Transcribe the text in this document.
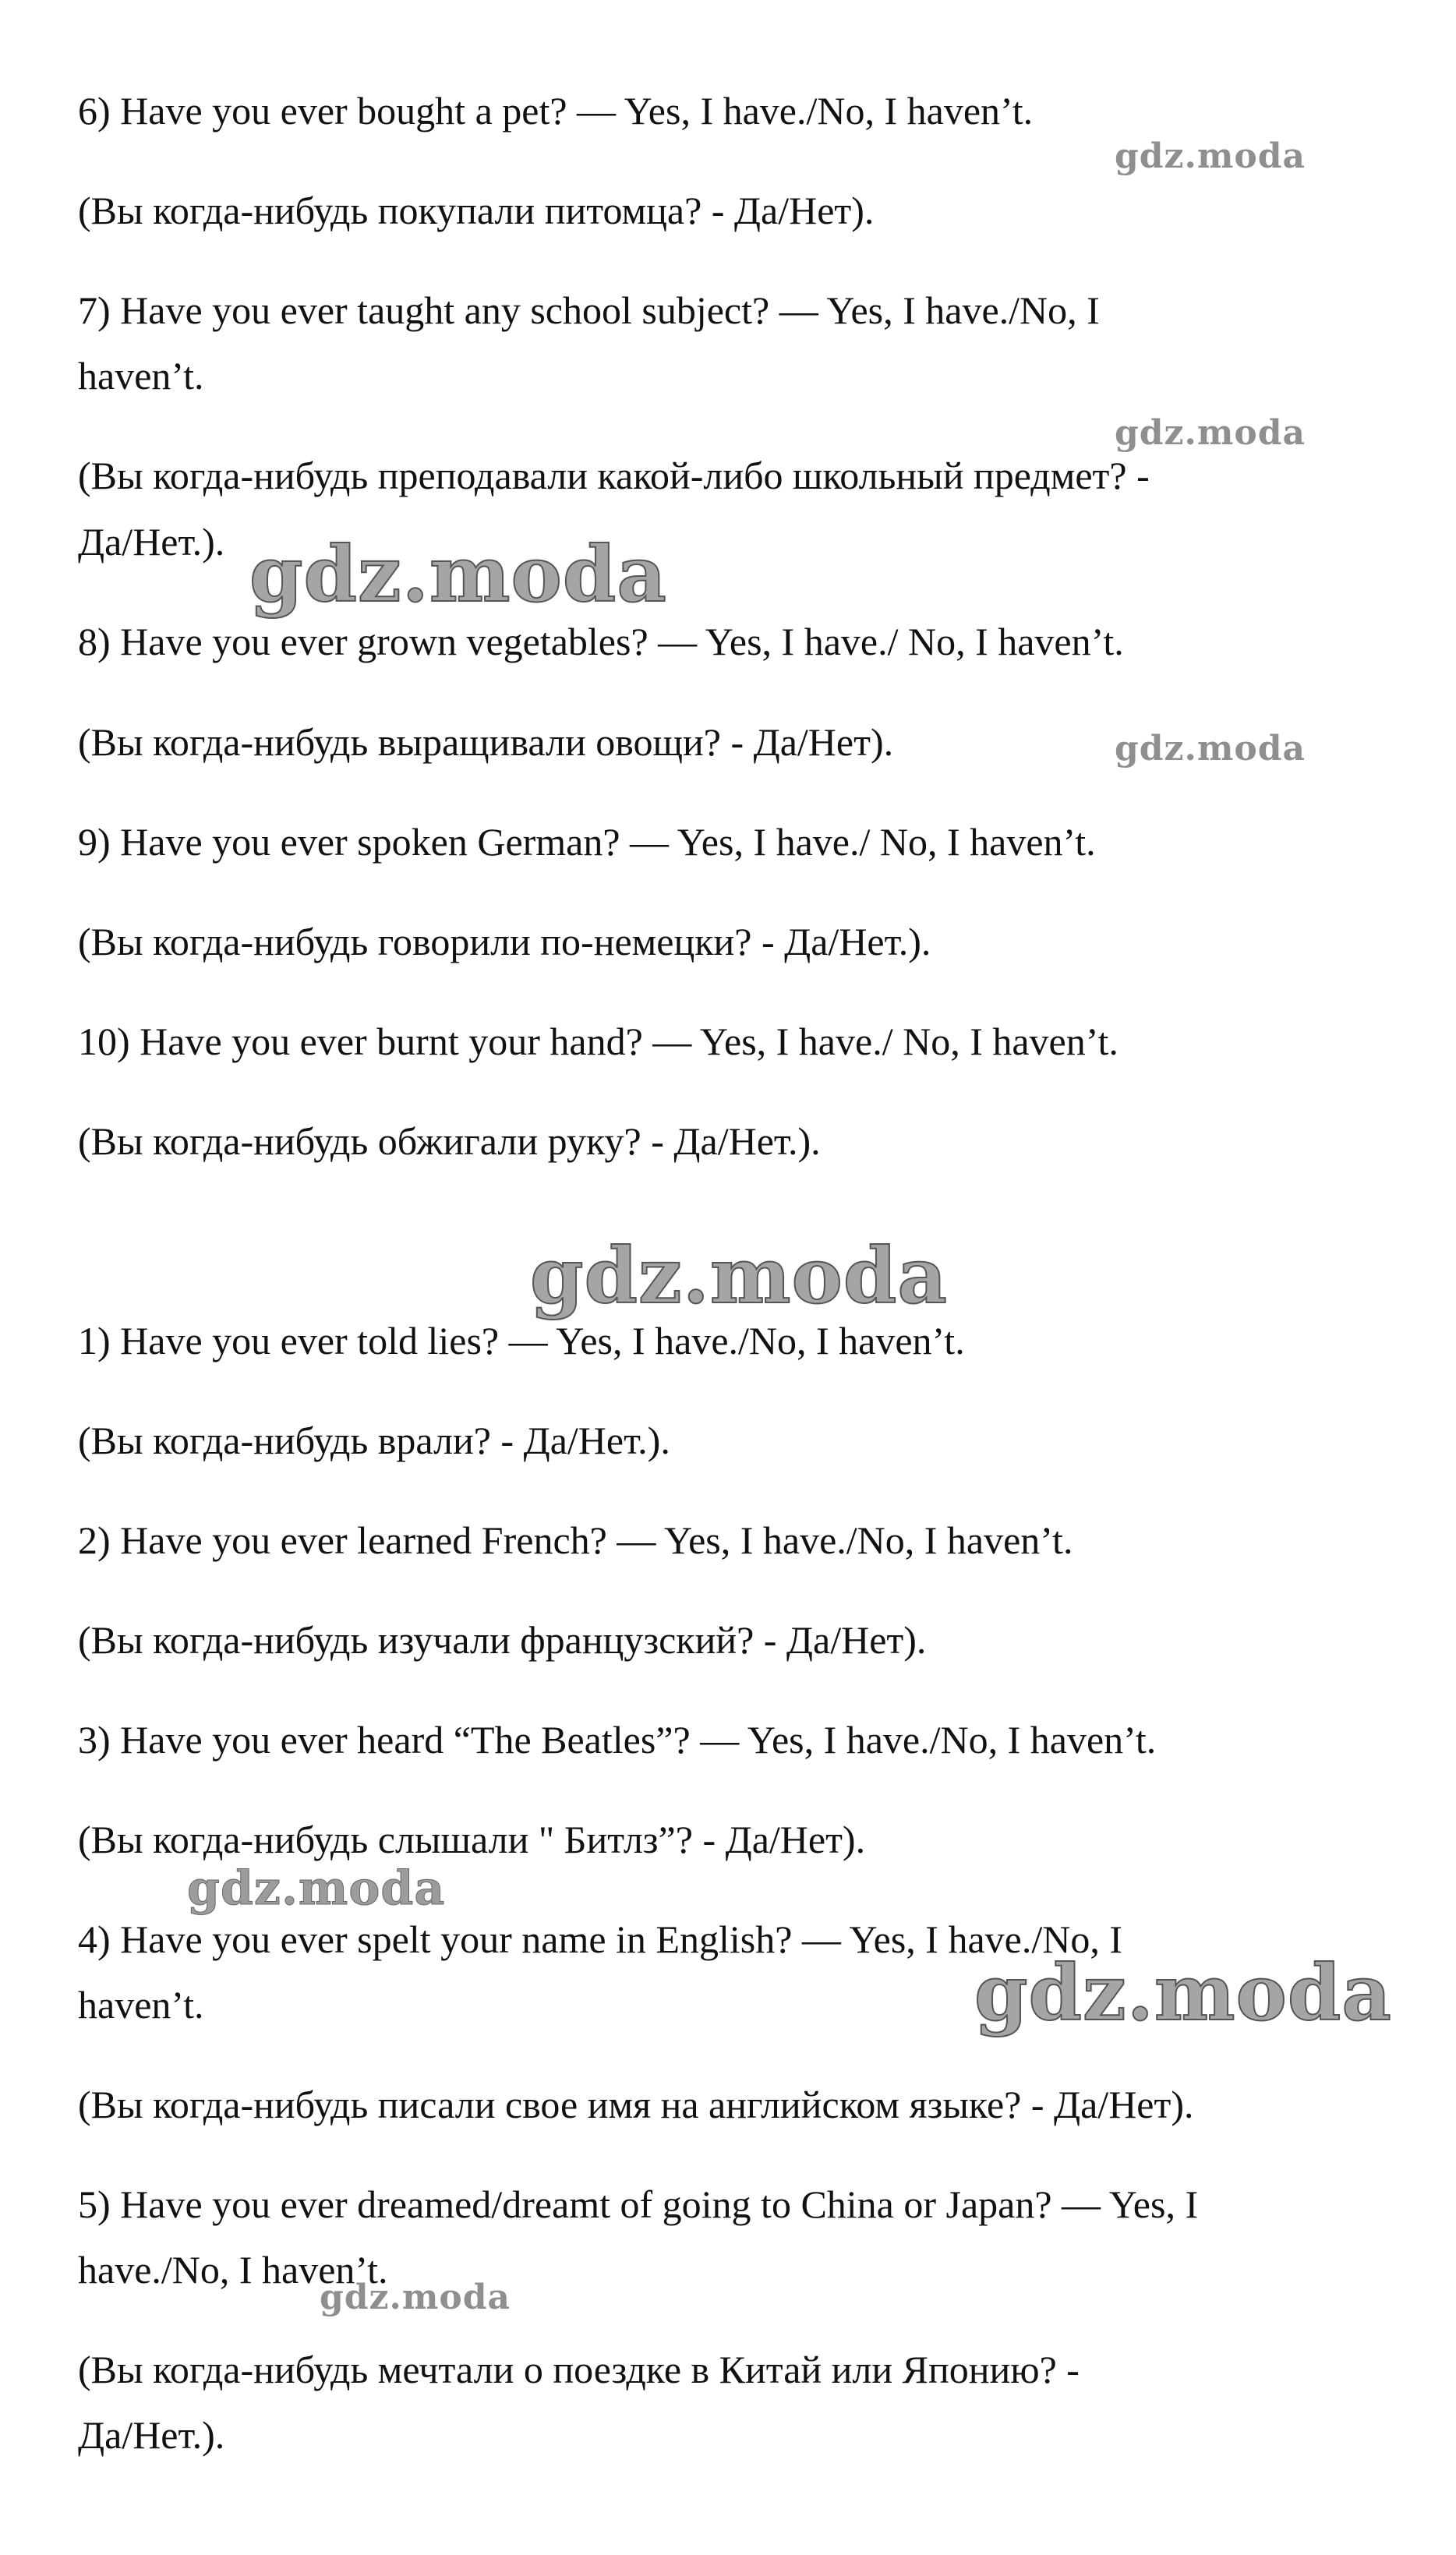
6) Have you ever bought a pet? — Yes, I have./No, I haven’t.
(Вы когда-нибудь покупали питомца? - Да/Нет).
7) Have you ever taught any school subject? — Yes, I have./No, I
haven’t.
(Вы когда-нибудь преподавали какой-либо школьный предмет? -
Да/Нет.).
8) Have you ever grown vegetables? — Yes, I have./ No, I haven’t.
(Вы когда-нибудь выращивали овощи? - Да/Нет).
9) Have you ever spoken German? — Yes, I have./ No, I haven’t.
(Вы когда-нибудь говорили по-немецки? - Да/Нет.).
10) Have you ever burnt your hand? — Yes, I have./ No, I haven’t.
(Вы когда-нибудь обжигали руку? - Да/Нет.).
1) Have you ever told lies? — Yes, I have./No, I haven’t.
(Вы когда-нибудь врали? - Да/Нет.).
2) Have you ever learned French? — Yes, I have./No, I haven’t.
(Вы когда-нибудь изучали французский? - Да/Нет).
3) Have you ever heard “The Beatles”? — Yes, I have./No, I haven’t.
(Вы когда-нибудь слышали " Битлз”? - Да/Нет).
4) Have you ever spelt your name in English? — Yes, I have./No, I
haven’t.
(Вы когда-нибудь писали свое имя на английском языке? - Да/Нет).
5) Have you ever dreamed/dreamt of going to China or Japan? — Yes, I
have./No, I haven’t.
(Вы когда-нибудь мечтали о поездке в Китай или Японию? -
Да/Нет.).
gdz.moda
gdz.moda
gdz.moda
gdz.moda
gdz.moda
gdz.moda
gdz.moda
gdz.moda
